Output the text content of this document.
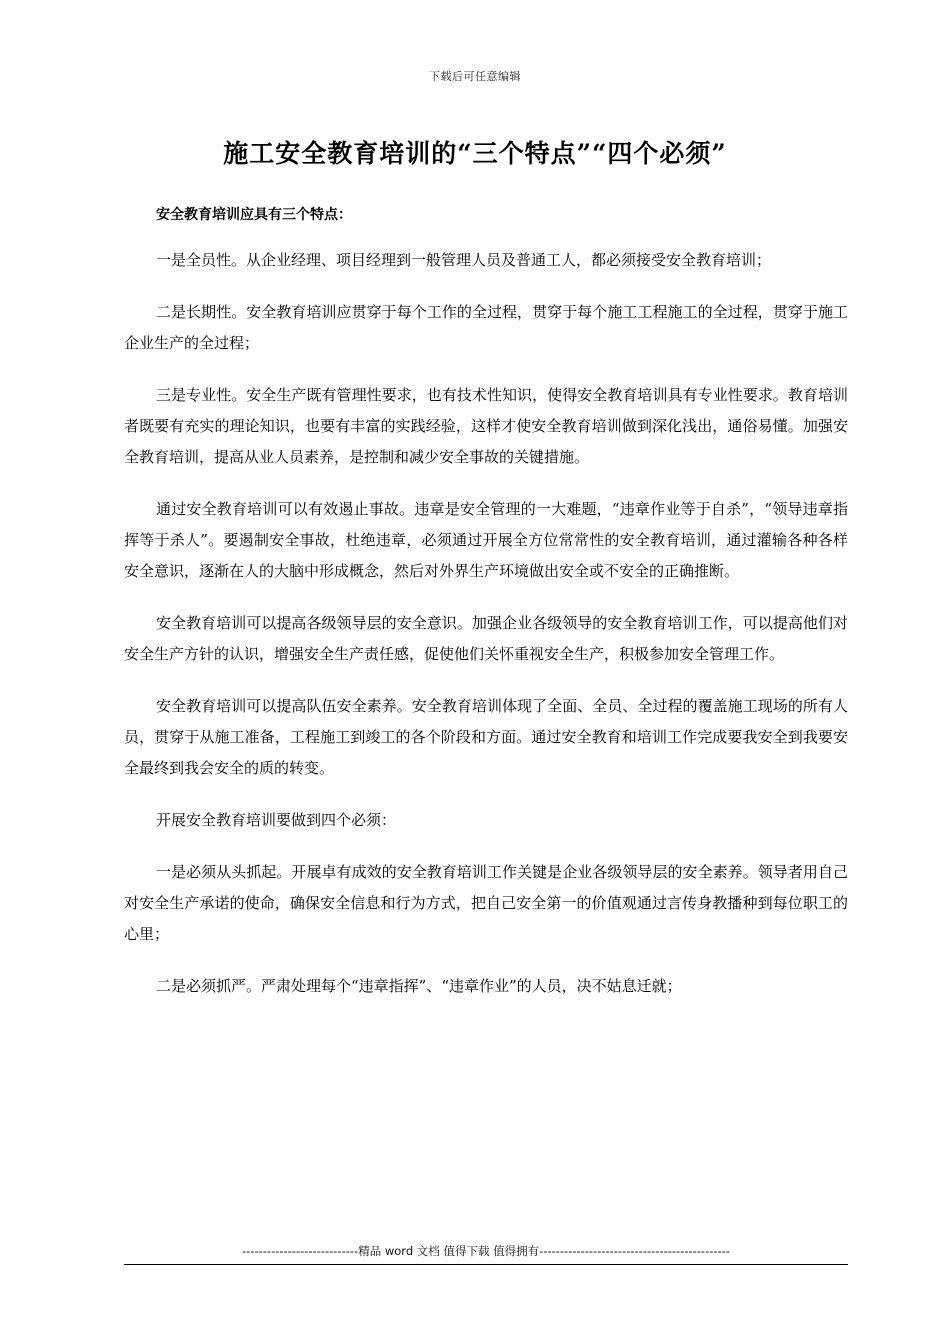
下载后可任意编辑
施工安全教育培训的“三个特点”“四个必须”

安全教育培训应具有三个特点：

一是全员性。从企业经理、项目经理到一般管理人员及普通工人，都必须接受安全教育培训；

二是长期性。安全教育培训应贯穿于每个工作的全过程，贯穿于每个施工工程施工的全过程，贯穿于施工企业生产的全过程；

三是专业性。安全生产既有管理性要求，也有技术性知识，使得安全教育培训具有专业性要求。教育培训者既要有充实的理论知识，也要有丰富的实践经验，这样才使安全教育培训做到深化浅出，通俗易懂。加强安全教育培训，提高从业人员素养，是控制和减少安全事故的关键措施。

通过安全教育培训可以有效遏止事故。违章是安全管理的一大难题，“违章作业等于自杀”，“领导违章指挥等于杀人”。要遏制安全事故，杜绝违章，必须通过开展全方位常常性的安全教育培训，通过灌输各种各样安全意识，逐渐在人的大脑中形成概念，然后对外界生产环境做出安全或不安全的正确推断。

安全教育培训可以提高各级领导层的安全意识。加强企业各级领导的安全教育培训工作，可以提高他们对安全生产方针的认识，增强安全生产责任感，促使他们关怀重视安全生产，积极参加安全管理工作。

安全教育培训可以提高队伍安全素养。安全教育培训体现了全面、全员、全过程的覆盖施工现场的所有人员，贯穿于从施工准备，工程施工到竣工的各个阶段和方面。通过安全教育和培训工作完成要我安全到我要安全最终到我会安全的质的转变。

开展安全教育培训要做到四个必须：

一是必须从头抓起。开展卓有成效的安全教育培训工作关键是企业各级领导层的安全素养。领导者用自己对安全生产承诺的使命，确保安全信息和行为方式，把自己安全第一的价值观通过言传身教播种到每位职工的心里；

二是必须抓严。严肃处理每个“违章指挥”、“违章作业”的人员，决不姑息迁就；

----------------------------精品 word 文档 值得下载 值得拥有----------------------------------------------
